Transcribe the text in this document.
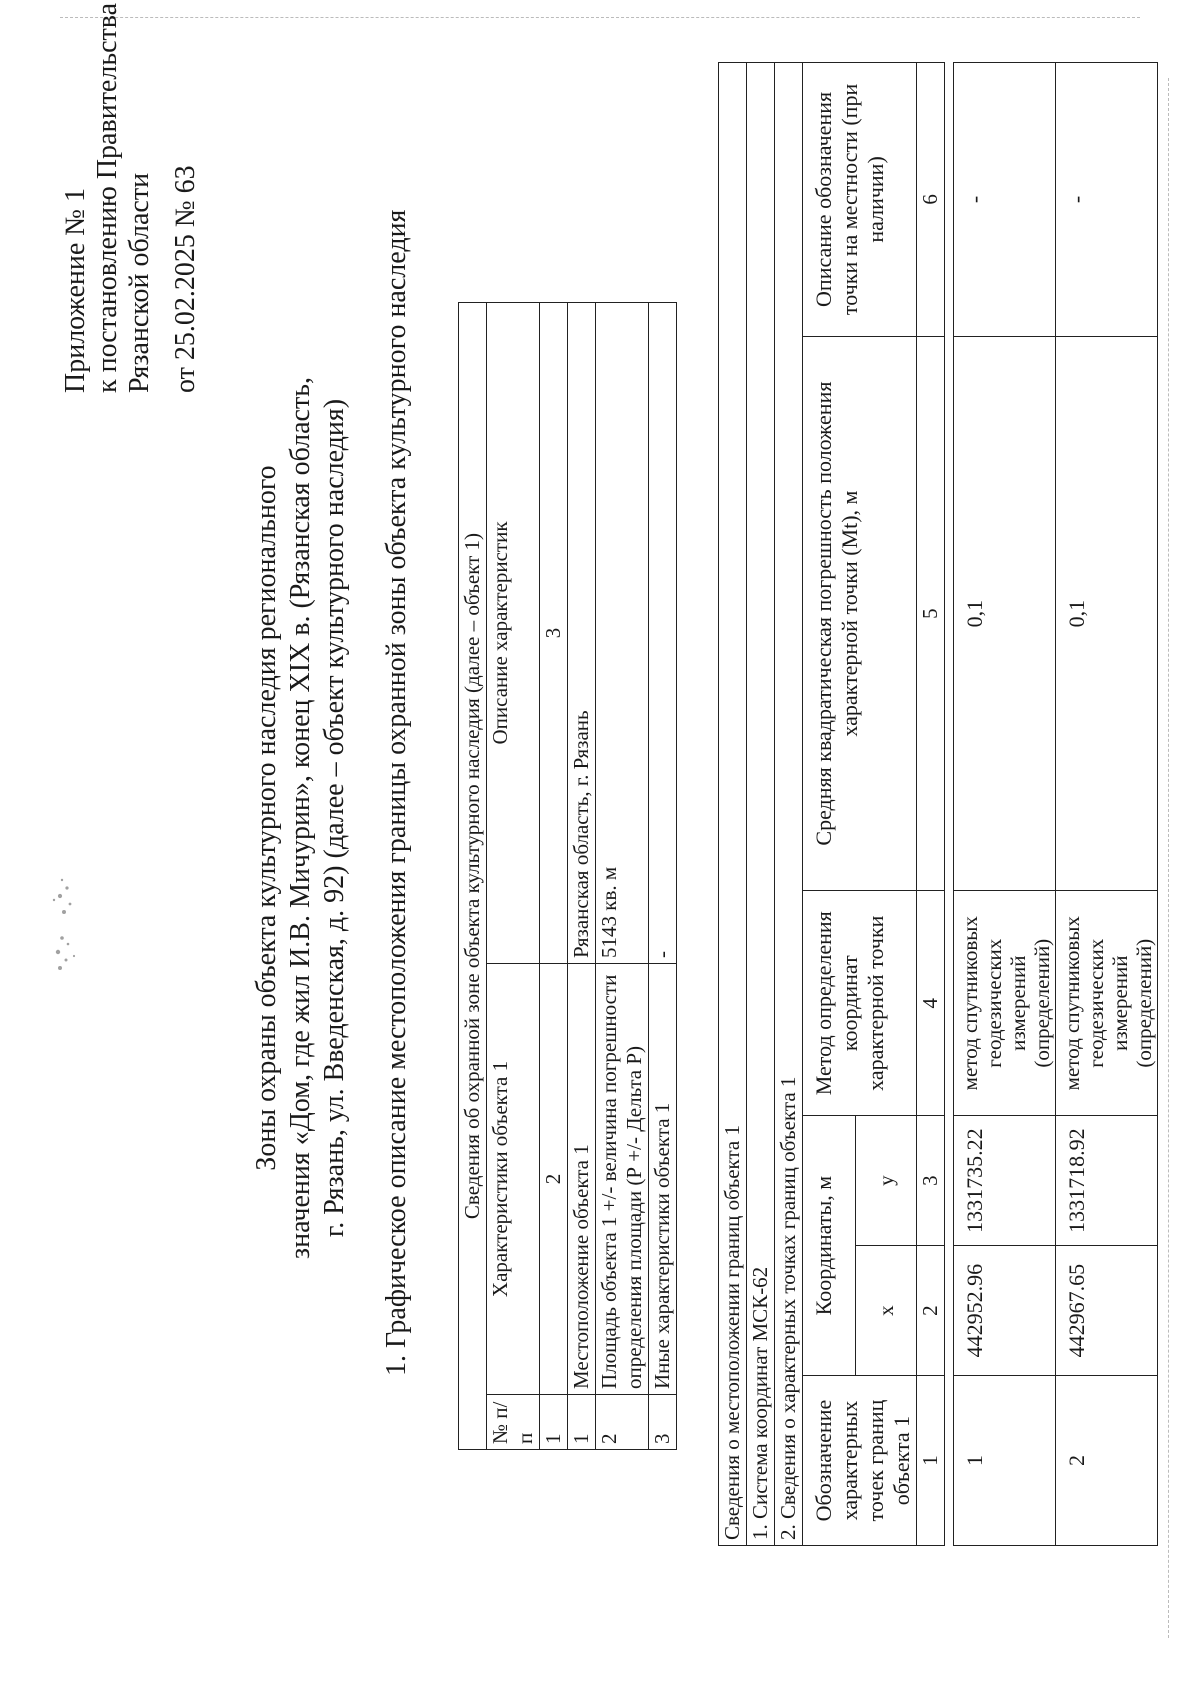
Приложение № 1 к постановлению Правительства Рязанской области от 25.02.2025 № 63
Зоны охраны объекта культурного наследия регионального значения «Дом, где жил И.В. Мичурин», конец XIX в. (Рязанская область, г. Рязань, ул. Введенская, д. 92) (далее – объект культурного наследия) 1. Графическое описание местоположения границы охранной зоны объекта культурного наследия Сведения об охранной зоне объекта культурного наследия (далее – объект 1)		
№ п/п	Характеристики объекта 1	Описание характеристик
1	2	3
1	Местоположение объекта 1	Рязанская область, г. Рязань
2	Площадь объекта 1 +/- величина погрешности определения площади (Р +/- Дельта Р)	5143 кв. м
3	Иные характеристики объекта 1	-
Сведения о местоположении границ объекта 1					
1. Система координат МСК-62					
2. Сведения о характерных точках границ объекта 1					
Обозначение характерных точек границ объекта 1	Координаты, м		Метод определения координат характерной точки	Средняя квадратическая погрешность положения характерной точки (Mt), м	Описание обозначения точки на местности (при наличии)
	х	у			
1	2	3	4	5	6

1	442952.96	1331735.22	метод спутниковых геодезических измерений (определений)	0,1	-
2	442967.65	1331718.92	метод спутниковых геодезических измерений (определений)	0,1	-
